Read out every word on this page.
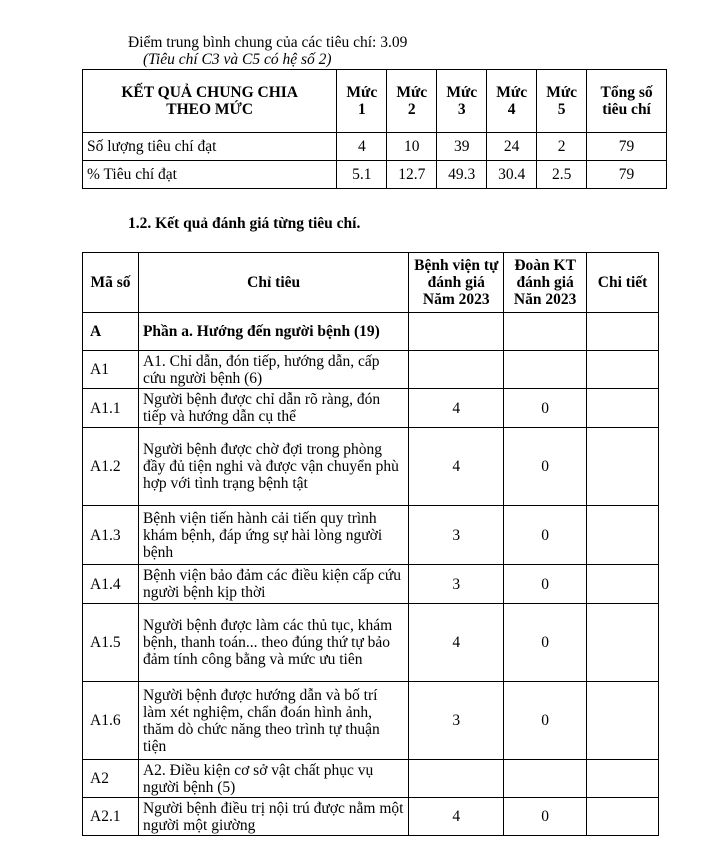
Điểm trung bình chung của các tiêu chí: 3.09
(Tiêu chí C3 và C5 có hệ số 2)
KẾT QUẢ CHUNG CHIA THEO MỨC	Mức 1	Mức 2	Mức 3	Mức 4	Mức 5	Tổng số tiêu chí
Số lượng tiêu chí đạt	4	10	39	24	2	79
% Tiêu chí đạt	5.1	12.7	49.3	30.4	2.5	79
1.2. Kết quả đánh giá từng tiêu chí.
Mã số	Chỉ tiêu	Bệnh viện tự đánh giá Năm 2023	Đoàn KT đánh giá Năn 2023	Chi tiết
A	Phần a. Hướng đến người bệnh (19)			
A1	A1. Chỉ dẫn, đón tiếp, hướng dẫn, cấp cứu người bệnh (6)			
A1.1	Người bệnh được chỉ dẫn rõ ràng, đón tiếp và hướng dẫn cụ thể	4	0	
A1.2	Người bệnh được chờ đợi trong phòng đầy đủ tiện nghi và được vận chuyển phù hợp với tình trạng bệnh tật	4	0	
A1.3	Bệnh viện tiến hành cải tiến quy trình khám bệnh, đáp ứng sự hài lòng người bệnh	3	0	
A1.4	Bệnh viện bảo đảm các điều kiện cấp cứu người bệnh kịp thời	3	0	
A1.5	Người bệnh được làm các thủ tục, khám bệnh, thanh toán... theo đúng thứ tự bảo đảm tính công bằng và mức ưu tiên	4	0	
A1.6	Người bệnh được hướng dẫn và bố trí làm xét nghiệm, chẩn đoán hình ảnh, thăm dò chức năng theo trình tự thuận tiện	3	0	
A2	A2. Điều kiện cơ sở vật chất phục vụ người bệnh (5)			
A2.1	Người bệnh điều trị nội trú được nằm một người một giường	4	0	
